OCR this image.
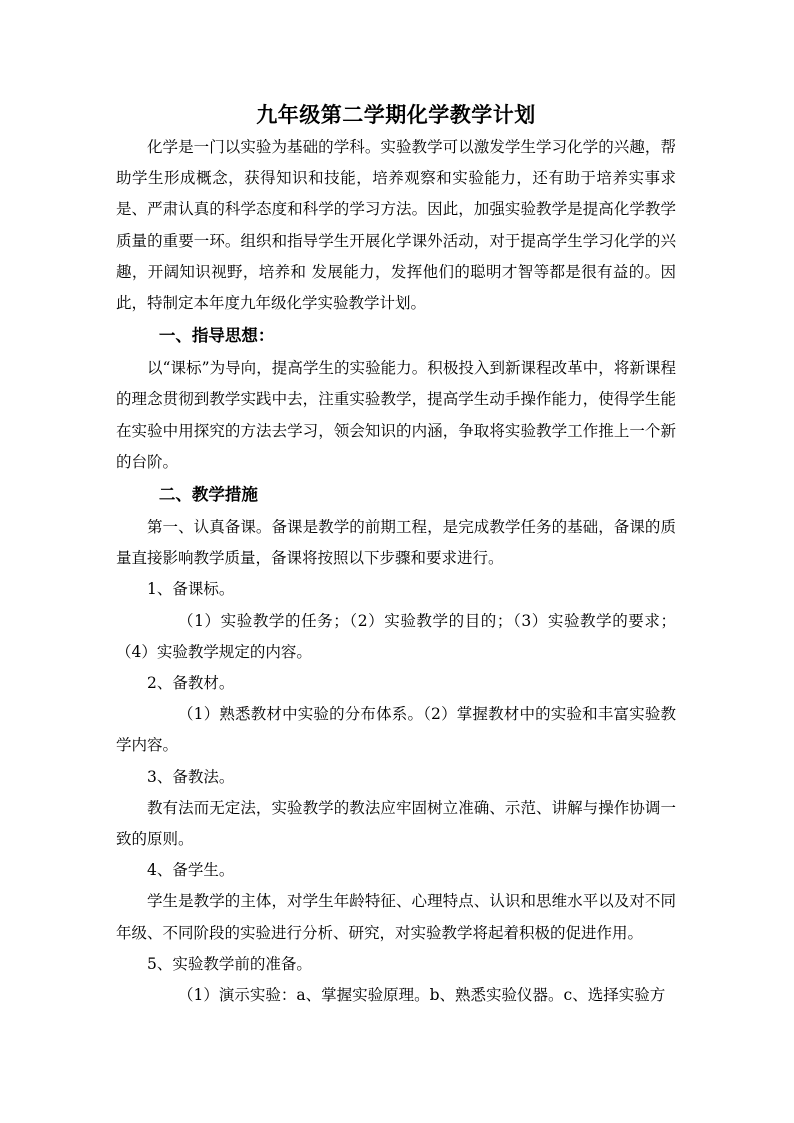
九年级第二学期化学教学计划

化学是一门以实验为基础的学科。实验教学可以激发学生学习化学的兴趣，帮助学生形成概念，获得知识和技能，培养观察和实验能力，还有助于培养实事求是、严肃认真的科学态度和科学的学习方法。因此，加强实验教学是提高化学教学质量的重要一环。组织和指导学生开展化学课外活动，对于提高学生学习化学的兴趣，开阔知识视野，培养和 发展能力，发挥他们的聪明才智等都是很有益的。因此，特制定本年度九年级化学实验教学计划。

一、指导思想：

以“课标”为导向，提高学生的实验能力。积极投入到新课程改革中，将新课程的理念贯彻到教学实践中去，注重实验教学，提高学生动手操作能力，使得学生能在实验中用探究的方法去学习，领会知识的内涵，争取将实验教学工作推上一个新的台阶。

二、教学措施

第一、认真备课。备课是教学的前期工程，是完成教学任务的基础，备课的质量直接影响教学质量，备课将按照以下步骤和要求进行。

1、备课标。

（1）实验教学的任务；（2）实验教学的目的；（3）实验教学的要求；（4）实验教学规定的内容。

2、备教材。

（1）熟悉教材中实验的分布体系。（2）掌握教材中的实验和丰富实验教学内容。

3、备教法。

教有法而无定法，实验教学的教法应牢固树立准确、示范、讲解与操作协调一致的原则。

4、备学生。

学生是教学的主体，对学生年龄特征、心理特点、认识和思维水平以及对不同年级、不同阶段的实验进行分析、研究，对实验教学将起着积极的促进作用。

5、实验教学前的准备。

（1）演示实验：a、掌握实验原理。b、熟悉实验仪器。c、选择实验方
